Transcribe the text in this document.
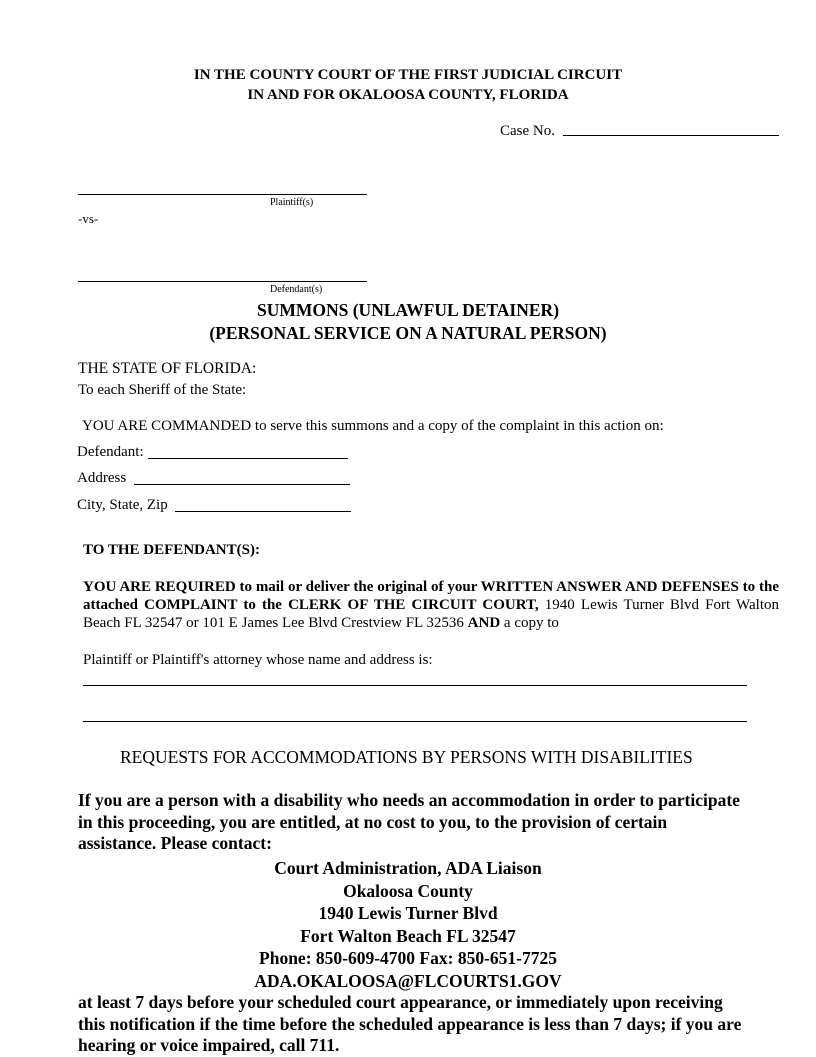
IN THE COUNTY COURT OF THE FIRST JUDICIAL CIRCUIT
IN AND FOR OKALOOSA COUNTY, FLORIDA
Case No.
Plaintiff(s)
-vs-
Defendant(s)
SUMMONS (UNLAWFUL DETAINER)
(PERSONAL SERVICE ON A NATURAL PERSON)
THE STATE OF FLORIDA:
To each Sheriff of the State:
YOU ARE COMMANDED to serve this summons and a copy of the complaint in this action on:
Defendant:
Address
City, State, Zip
TO THE DEFENDANT(S):
YOU ARE REQUIRED to mail or deliver the original of your WRITTEN ANSWER AND DEFENSES to the attached COMPLAINT to the CLERK OF THE CIRCUIT COURT, 1940 Lewis Turner Blvd Fort Walton Beach FL 32547 or 101 E James Lee Blvd Crestview FL 32536 AND a copy to
Plaintiff or Plaintiff's attorney whose name and address is:
REQUESTS FOR ACCOMMODATIONS BY PERSONS WITH DISABILITIES
If you are a person with a disability who needs an accommodation in order to participate in this proceeding, you are entitled, at no cost to you, to the provision of certain assistance. Please contact:
Court Administration, ADA Liaison
Okaloosa County
1940 Lewis Turner Blvd
Fort Walton Beach FL 32547
Phone: 850-609-4700 Fax: 850-651-7725
ADA.OKALOOSA@FLCOURTS1.GOV
at least 7 days before your scheduled court appearance, or immediately upon receiving this notification if the time before the scheduled appearance is less than 7 days; if you are hearing or voice impaired, call 711.
